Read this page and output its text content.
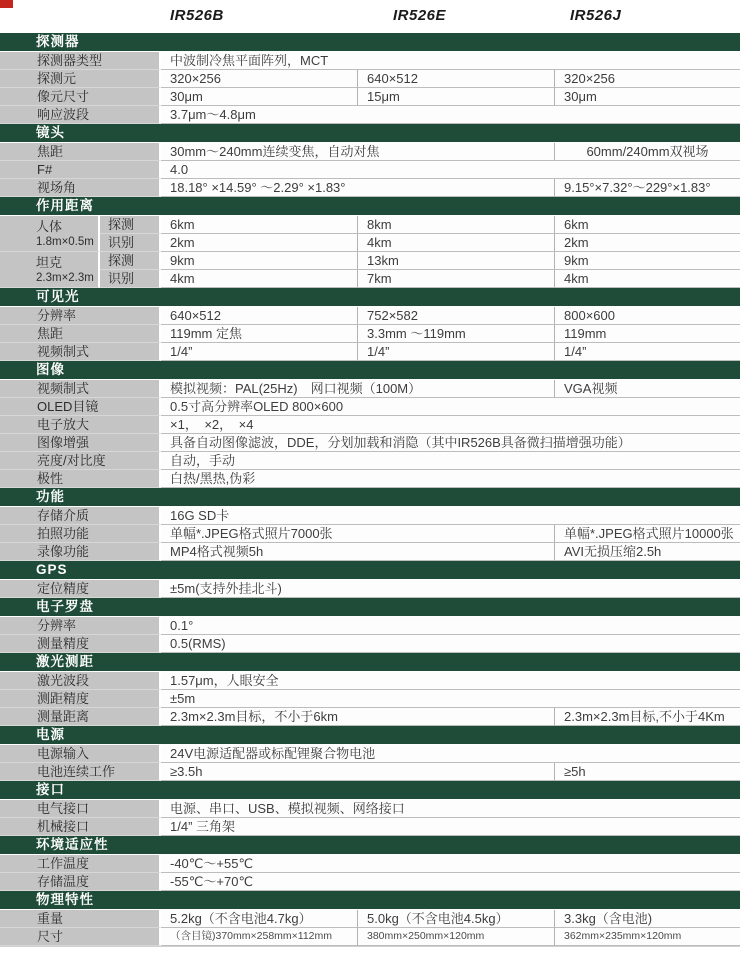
IR526B	IR526E	IR526J
探测器
探测器类型	中波制冷焦平面阵列，MCT
探测元	320×256	640×512	320×256
像元尺寸	30μm	15μm	30μm
响应波段	3.7μm～4.8μm
镜头
焦距	30mm～240mm连续变焦，自动对焦	60mm/240mm双视场
F#	4.0
视场角	18.18° ×14.59° ～2.29° ×1.83°	9.15°×7.32°～229°×1.83°
作用距离
人体
1.8m×0.5m
探测	6km	8km	6km
识别	2km	4km	2km
坦克
2.3m×2.3m
探测	9km	13km	9km
识别	4km	7km	4km
可见光
分辨率	640×512	752×582	800×600
焦距	119mm 定焦	3.3mm ～119mm	119mm
视频制式	1/4”	1/4”	1/4”
图像
视频制式	模拟视频：PAL(25Hz)　网口视频（100M）	VGA视频
OLED目镜	0.5寸高分辨率OLED 800×600
电子放大	×1，　×2，　×4
图像增强	具备自动图像滤波，DDE，分划加载和消隐（其中IR526B具备微扫描增强功能）
亮度/对比度	自动，手动
极性	白热/黑热,伪彩
功能
存储介质	16G SD卡
拍照功能	单幅*.JPEG格式照片7000张	单幅*.JPEG格式照片10000张
录像功能	MP4格式视频5h	AVI无损压缩2.5h
GPS
定位精度	±5m(支持外挂北斗)
电子罗盘
分辨率	0.1°
测量精度	0.5(RMS)
激光测距
激光波段	1.57μm，人眼安全
测距精度	±5m
测量距离	2.3m×2.3m目标，不小于6km	2.3m×2.3m目标,不小于4Km
电源
电源输入	24V电源适配器或标配锂聚合物电池
电池连续工作	≥3.5h	≥5h
接口
电气接口	电源、串口、USB、模拟视频、网络接口
机械接口	1/4” 三角架
环境适应性
工作温度	-40℃～+55℃
存储温度	-55℃～+70℃
物理特性
重量	5.2kg（不含电池4.7kg）	5.0kg（不含电池4.5kg）	3.3kg（含电池)
尺寸	（含目镜)370mm×258mm×112mm	380mm×250mm×120mm	362mm×235mm×120mm
